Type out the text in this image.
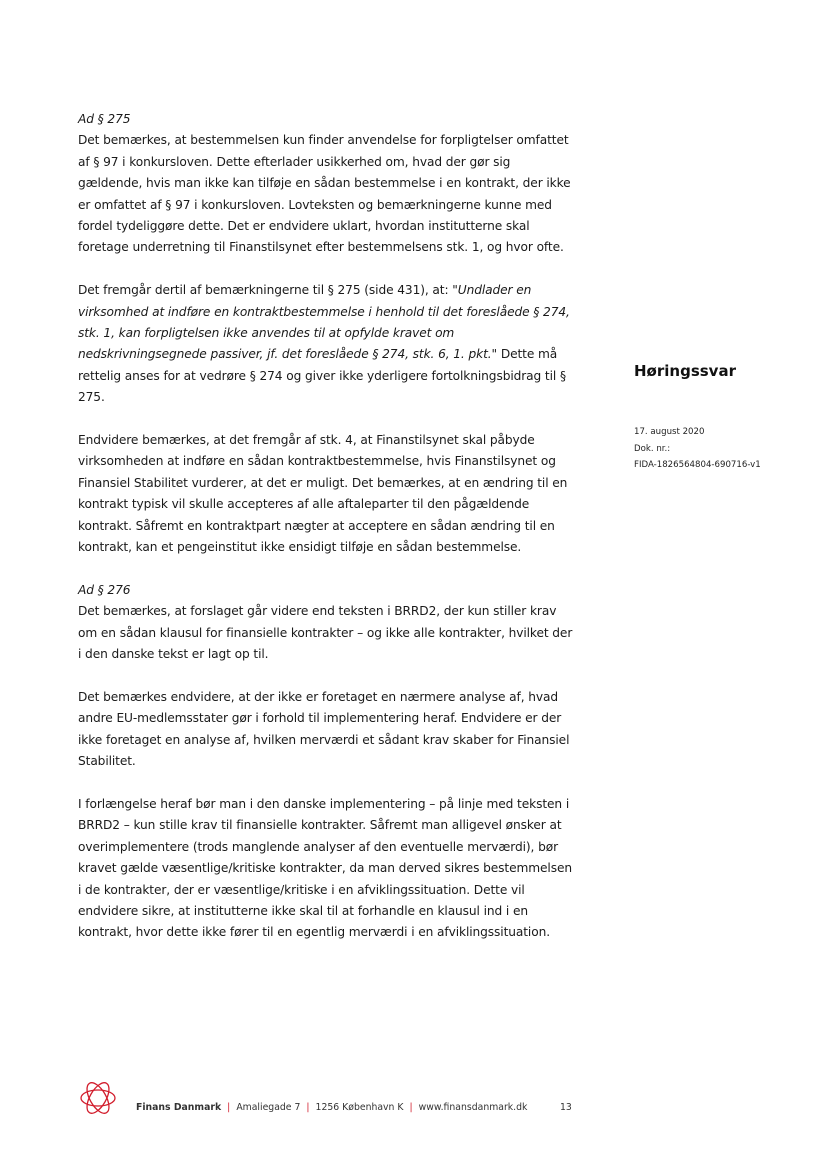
Ad § 275
Det bemærkes, at bestemmelsen kun finder anvendelse for forpligtelser omfattet af § 97 i konkursloven. Dette efterlader usikkerhed om, hvad der gør sig gældende, hvis man ikke kan tilføje en sådan bestemmelse i en kontrakt, der ikke er omfattet af § 97 i konkursloven. Lovteksten og bemærkningerne kunne med fordel tydeliggøre dette. Det er endvidere uklart, hvordan institutterne skal foretage underretning til Finanstilsynet efter bestemmelsens stk. 1, og hvor ofte.

Det fremgår dertil af bemærkningerne til § 275 (side 431), at: "Undlader en virksomhed at indføre en kontraktbestemmelse i henhold til det foreslåede § 274, stk. 1, kan forpligtelsen ikke anvendes til at opfylde kravet om nedskrivningsegnede passiver, jf. det foreslåede § 274, stk. 6, 1. pkt." Dette må rettelig anses for at vedrøre § 274 og giver ikke yderligere fortolkningsbidrag til § 275.

Endvidere bemærkes, at det fremgår af stk. 4, at Finanstilsynet skal påbyde virksomheden at indføre en sådan kontraktbestemmelse, hvis Finanstilsynet og Finansiel Stabilitet vurderer, at det er muligt. Det bemærkes, at en ændring til en kontrakt typisk vil skulle accepteres af alle aftaleparter til den pågældende kontrakt. Såfremt en kontraktpart nægter at acceptere en sådan ændring til en kontrakt, kan et pengeinstitut ikke ensidigt tilføje en sådan bestemmelse.

Ad § 276
Det bemærkes, at forslaget går videre end teksten i BRRD2, der kun stiller krav om en sådan klausul for finansielle kontrakter – og ikke alle kontrakter, hvilket der i den danske tekst er lagt op til.

Det bemærkes endvidere, at der ikke er foretaget en nærmere analyse af, hvad andre EU-medlemsstater gør i forhold til implementering heraf. Endvidere er der ikke foretaget en analyse af, hvilken merværdi et sådant krav skaber for Finansiel Stabilitet.

I forlængelse heraf bør man i den danske implementering – på linje med teksten i BRRD2 – kun stille krav til finansielle kontrakter. Såfremt man alligevel ønsker at overimplementere (trods manglende analyser af den eventuelle merværdi), bør kravet gælde væsentlige/kritiske kontrakter, da man derved sikres bestemmelsen i de kontrakter, der er væsentlige/kritiske i en afviklingssituation. Dette vil endvidere sikre, at institutterne ikke skal til at forhandle en klausul ind i en kontrakt, hvor dette ikke fører til en egentlig merværdi i en afviklingssituation.

Høringssvar
17. august 2020
Dok. nr.:
FIDA-1826564804-690716-v1
Finans Danmark | Amaliegade 7 | 1256 København K | www.finansdanmark.dk	13
